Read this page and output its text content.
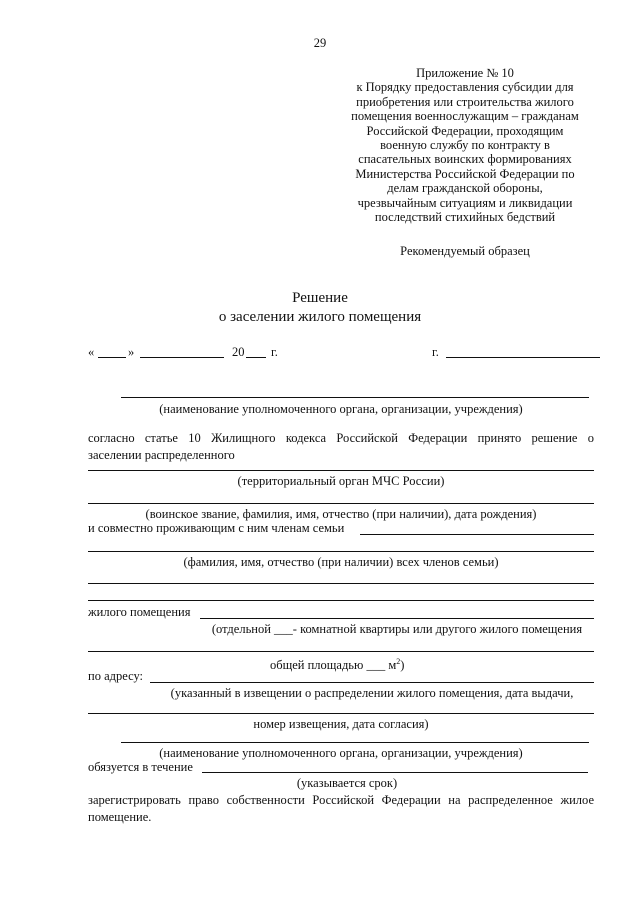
29
Приложение № 10
к Порядку предоставления субсидии для
приобретения или строительства жилого
помещения военнослужащим – гражданам
Российской Федерации, проходящим
военную службу по контракту в
спасательных воинских формированиях
Министерства Российской Федерации по
делам гражданской обороны,
чрезвычайным ситуациям и ликвидации
последствий стихийных бедствий
Рекомендуемый образец
Решение
о заселении жилого помещения
«	»	20 г.	г.
(наименование уполномоченного органа, организации, учреждения)
согласно статье 10 Жилищного кодекса Российской Федерации принято решение о
заселении распределенного
(территориальный орган МЧС России)
(воинское звание, фамилия, имя, отчество (при наличии), дата рождения)
и совместно проживающим с ним членам семьи
(фамилия, имя, отчество (при наличии) всех членов семьи)
жилого помещения
(отдельной ___- комнатной квартиры или другого жилого помещения
общей площадью ___ $м^2$)
по адресу:
(указанный в извещении о распределении жилого помещения, дата выдачи,
номер извещения, дата согласия)
(наименование уполномоченного органа, организации, учреждения)
обязуется в течение
(указывается срок)
зарегистрировать право собственности Российской Федерации на распределенное жилое
помещение.
